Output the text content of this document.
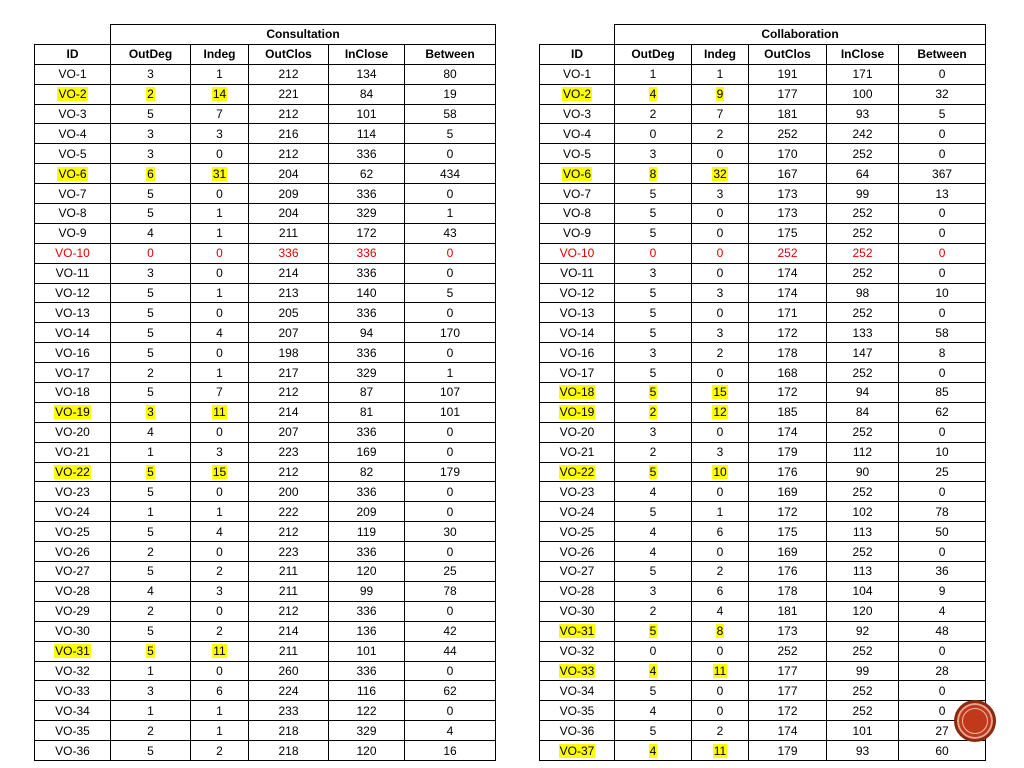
	Consultation				
ID	OutDeg	Indeg	OutClos	InClose	Between
VO-1	3	1	212	134	80
VO-2	2	14	221	84	19
VO-3	5	7	212	101	58
VO-4	3	3	216	114	5
VO-5	3	0	212	336	0
VO-6	6	31	204	62	434
VO-7	5	0	209	336	0
VO-8	5	1	204	329	1
VO-9	4	1	211	172	43
VO-10	0	0	336	336	0
VO-11	3	0	214	336	0
VO-12	5	1	213	140	5
VO-13	5	0	205	336	0
VO-14	5	4	207	94	170
VO-16	5	0	198	336	0
VO-17	2	1	217	329	1
VO-18	5	7	212	87	107
VO-19	3	11	214	81	101
VO-20	4	0	207	336	0
VO-21	1	3	223	169	0
VO-22	5	15	212	82	179
VO-23	5	0	200	336	0
VO-24	1	1	222	209	0
VO-25	5	4	212	119	30
VO-26	2	0	223	336	0
VO-27	5	2	211	120	25
VO-28	4	3	211	99	78
VO-29	2	0	212	336	0
VO-30	5	2	214	136	42
VO-31	5	11	211	101	44
VO-32	1	0	260	336	0
VO-33	3	6	224	116	62
VO-34	1	1	233	122	0
VO-35	2	1	218	329	4
VO-36	5	2	218	120	16
	Collaboration				
ID	OutDeg	Indeg	OutClos	InClose	Between
VO-1	1	1	191	171	0
VO-2	4	9	177	100	32
VO-3	2	7	181	93	5
VO-4	0	2	252	242	0
VO-5	3	0	170	252	0
VO-6	8	32	167	64	367
VO-7	5	3	173	99	13
VO-8	5	0	173	252	0
VO-9	5	0	175	252	0
VO-10	0	0	252	252	0
VO-11	3	0	174	252	0
VO-12	5	3	174	98	10
VO-13	5	0	171	252	0
VO-14	5	3	172	133	58
VO-16	3	2	178	147	8
VO-17	5	0	168	252	0
VO-18	5	15	172	94	85
VO-19	2	12	185	84	62
VO-20	3	0	174	252	0
VO-21	2	3	179	112	10
VO-22	5	10	176	90	25
VO-23	4	0	169	252	0
VO-24	5	1	172	102	78
VO-25	4	6	175	113	50
VO-26	4	0	169	252	0
VO-27	5	2	176	113	36
VO-28	3	6	178	104	9
VO-30	2	4	181	120	4
VO-31	5	8	173	92	48
VO-32	0	0	252	252	0
VO-33	4	11	177	99	28
VO-34	5	0	177	252	0
VO-35	4	0	172	252	0
VO-36	5	2	174	101	27
VO-37	4	11	179	93	60
